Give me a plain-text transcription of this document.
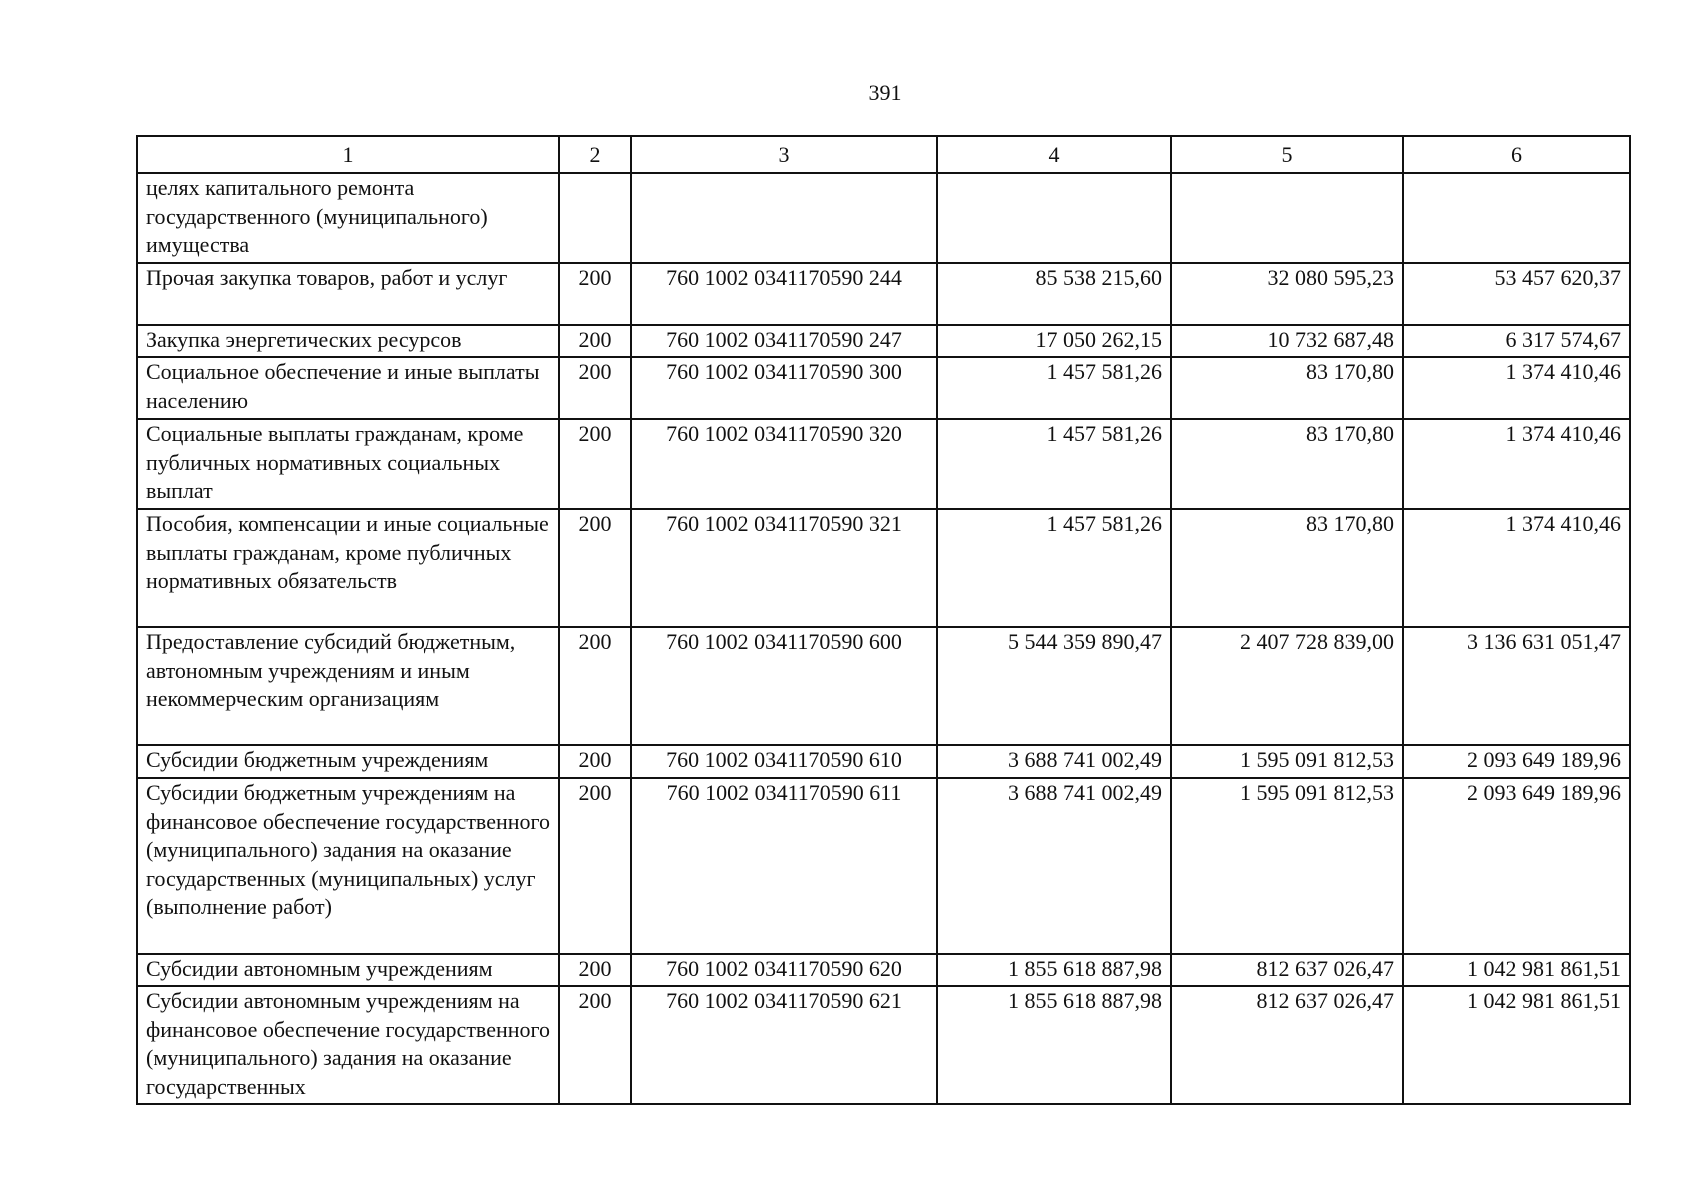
391
1	2	3	4	5	6
целях капитального ремонта государственного (муниципального) имущества					
Прочая закупка товаров, работ и услуг	200	760 1002 0341170590 244	85 538 215,60	32 080 595,23	53 457 620,37
Закупка энергетических ресурсов	200	760 1002 0341170590 247	17 050 262,15	10 732 687,48	6 317 574,67
Социальное обеспечение и иные выплаты населению	200	760 1002 0341170590 300	1 457 581,26	83 170,80	1 374 410,46
Социальные выплаты гражданам, кроме публичных нормативных социальных выплат	200	760 1002 0341170590 320	1 457 581,26	83 170,80	1 374 410,46
Пособия, компенсации и иные социальные выплаты гражданам, кроме публичных нормативных обязательств	200	760 1002 0341170590 321	1 457 581,26	83 170,80	1 374 410,46
Предоставление субсидий бюджетным, автономным учреждениям и иным некоммерческим организациям	200	760 1002 0341170590 600	5 544 359 890,47	2 407 728 839,00	3 136 631 051,47
Субсидии бюджетным учреждениям	200	760 1002 0341170590 610	3 688 741 002,49	1 595 091 812,53	2 093 649 189,96
Субсидии бюджетным учреждениям на финансовое обеспечение государственного (муниципального) задания на оказание государственных (муниципальных) услуг (выполнение работ)	200	760 1002 0341170590 611	3 688 741 002,49	1 595 091 812,53	2 093 649 189,96
Субсидии автономным учреждениям	200	760 1002 0341170590 620	1 855 618 887,98	812 637 026,47	1 042 981 861,51
Субсидии автономным учреждениям на финансовое обеспечение государственного (муниципального) задания на оказание государственных	200	760 1002 0341170590 621	1 855 618 887,98	812 637 026,47	1 042 981 861,51
